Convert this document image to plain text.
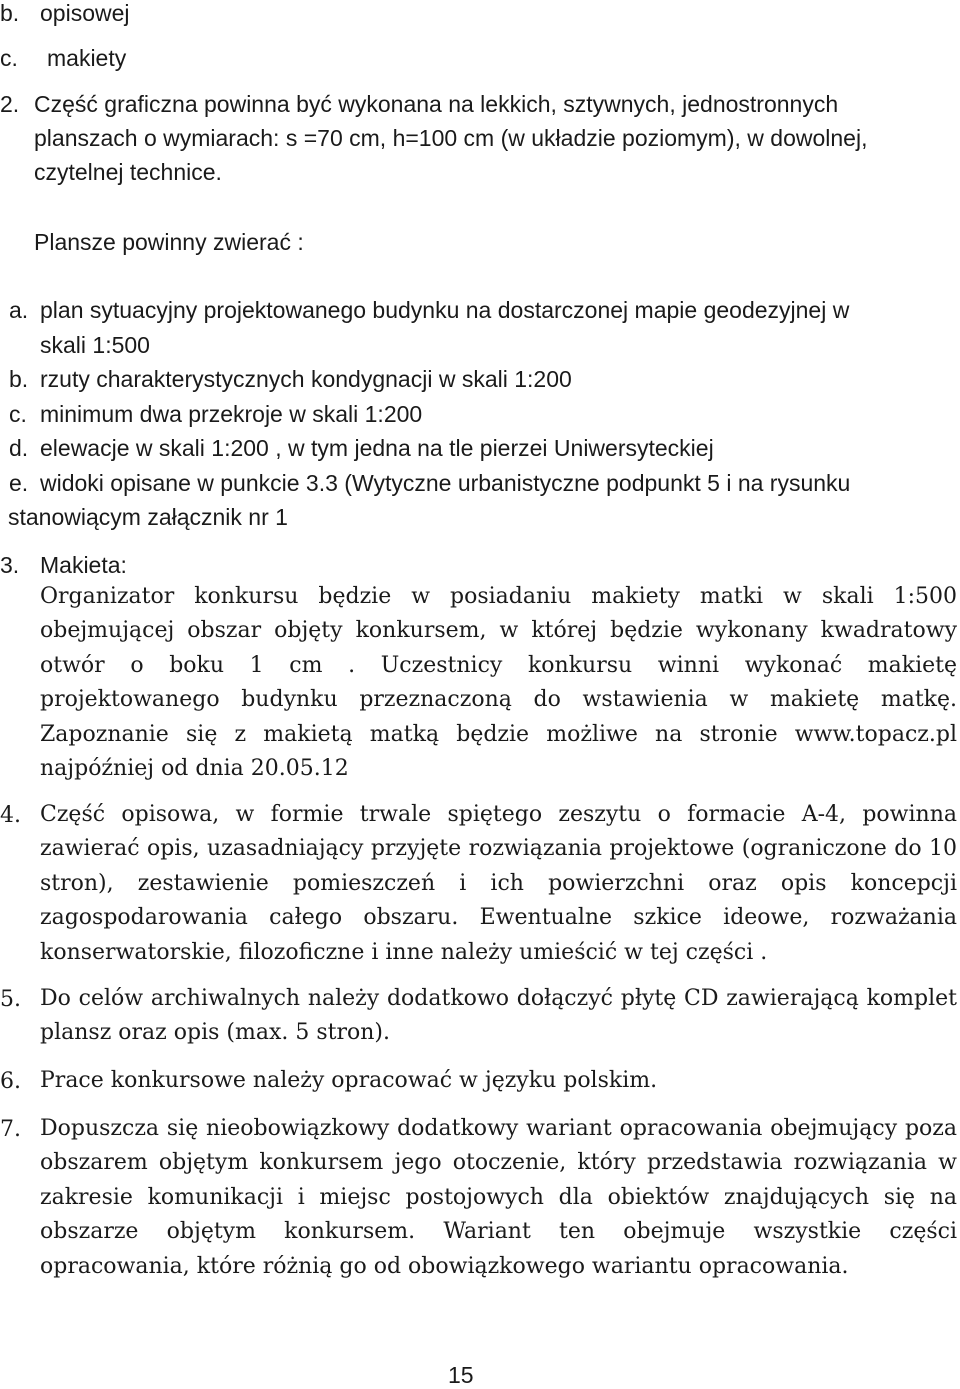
b. opisowej
c. makiety
2. Część graficzna powinna być wykonana na lekkich, sztywnych, jednostronnych
planszach o wymiarach: s =70 cm, h=100 cm (w układzie poziomym), w dowolnej,
czytelnej technice.
Plansze powinny zwierać :
a. plan sytuacyjny projektowanego budynku na dostarczonej mapie geodezyjnej w
skali 1:500
b. rzuty charakterystycznych kondygnacji w skali 1:200
c. minimum dwa przekroje w skali 1:200
d. elewacje w skali 1:200 , w tym jedna na tle pierzei Uniwersyteckiej
e. widoki opisane w punkcie 3.3 (Wytyczne urbanistyczne podpunkt 5 i na rysunku
stanowiącym załącznik nr 1
3. Makieta:
Organizator konkursu będzie w posiadaniu makiety matki w skali 1:500 obejmującej obszar objęty konkursem, w której będzie wykonany kwadratowy otwór o boku 1 cm . Uczestnicy konkursu winni wykonać makietę projektowanego budynku przeznaczoną do wstawienia w makietę matkę. Zapoznanie się z makietą matką będzie możliwe na stronie www.topacz.pl najpóźniej od dnia 20.05.12
4. Część opisowa, w formie trwale spiętego zeszytu o formacie A-4, powinna zawierać opis, uzasadniający przyjęte rozwiązania projektowe (ograniczone do 10 stron), zestawienie pomieszczeń i ich powierzchni oraz opis koncepcji zagospodarowania całego obszaru. Ewentualne szkice ideowe, rozważania konserwatorskie, filozoficzne i inne należy umieścić w tej części .
5. Do celów archiwalnych należy dodatkowo dołączyć płytę CD zawierającą komplet plansz oraz opis (max. 5 stron).
6. Prace konkursowe należy opracować w języku polskim.
7. Dopuszcza się nieobowiązkowy dodatkowy wariant opracowania obejmujący poza obszarem objętym konkursem jego otoczenie, który przedstawia rozwiązania w zakresie komunikacji i miejsc postojowych dla obiektów znajdujących się na obszarze objętym konkursem. Wariant ten obejmuje wszystkie części opracowania, które różnią go od obowiązkowego wariantu opracowania.
15
